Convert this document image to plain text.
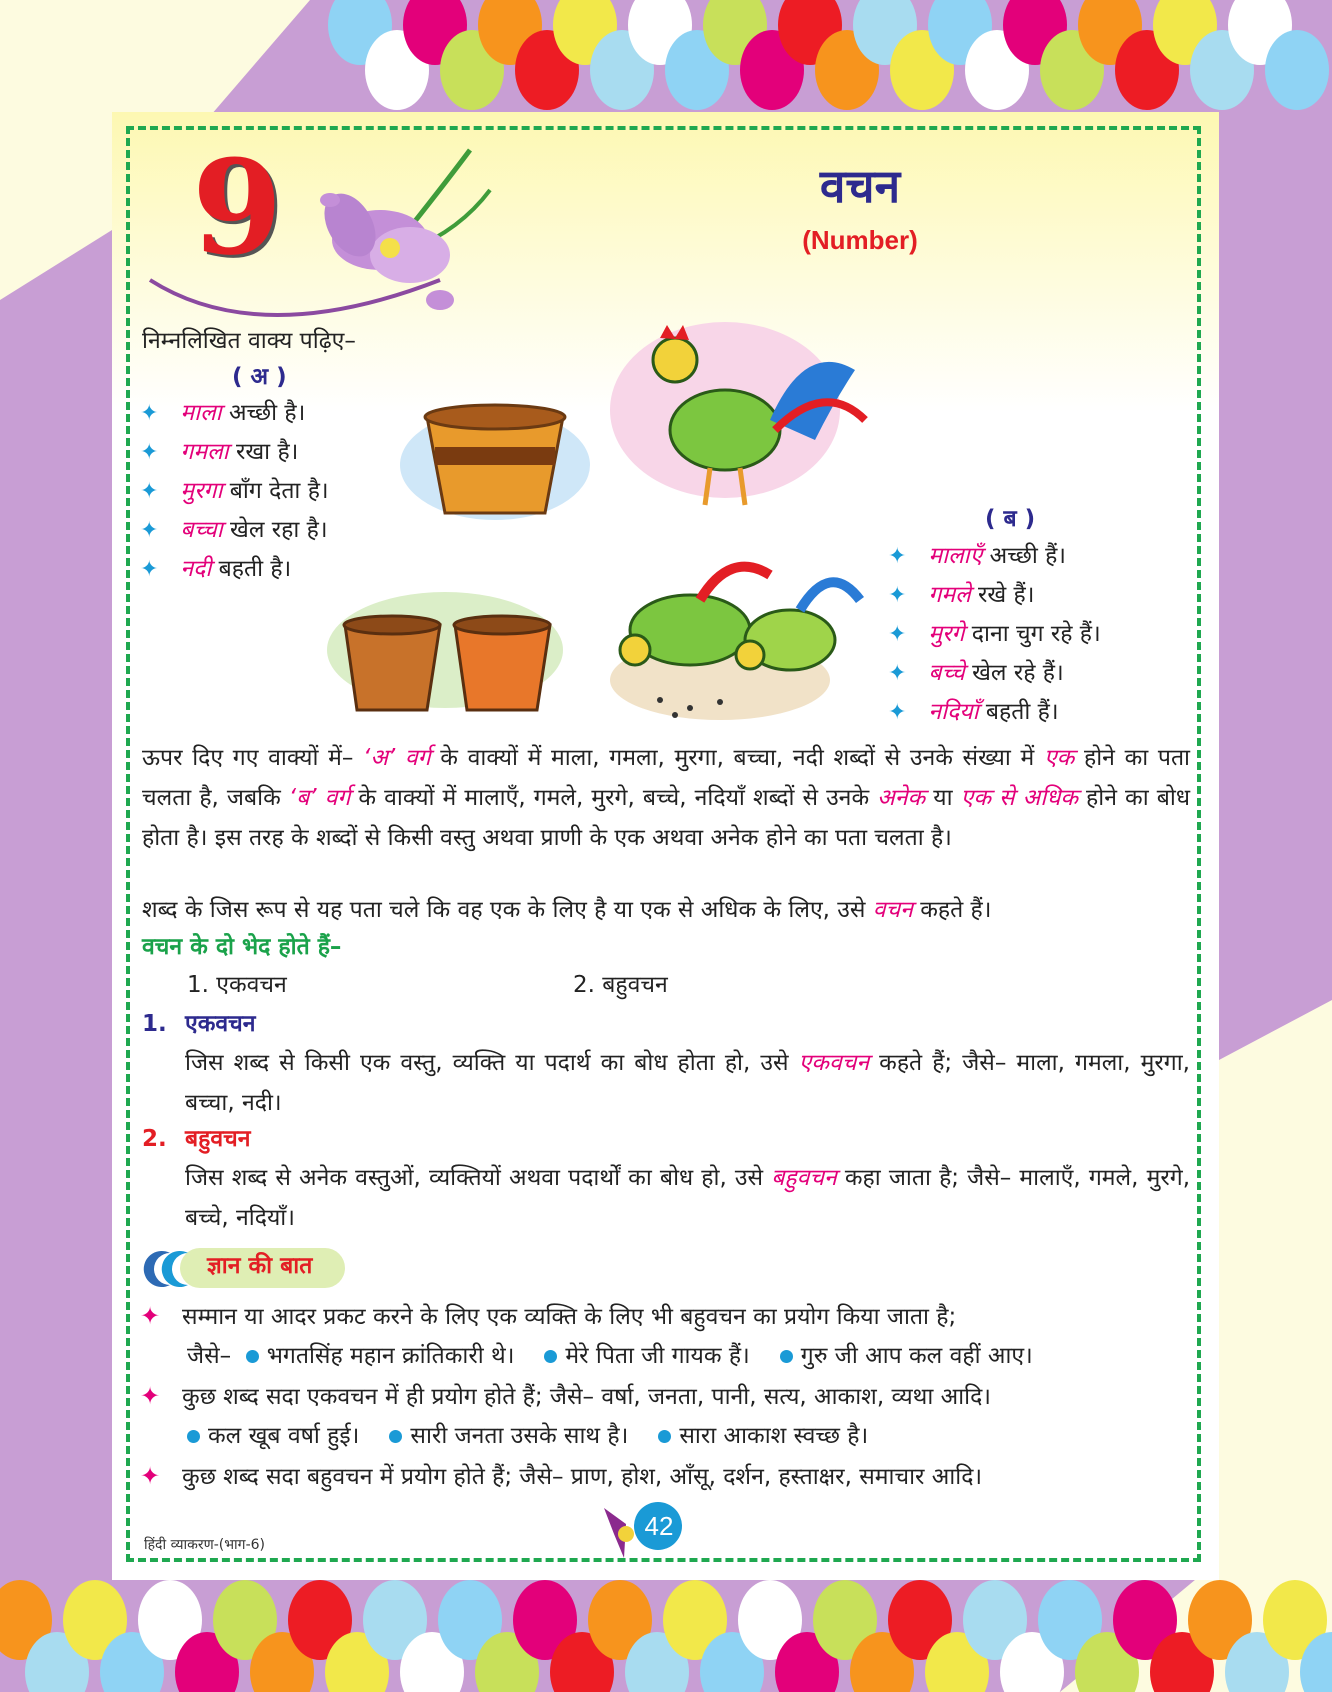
9	वचन
(Number)
निम्नलिखित वाक्य पढ़िए–
( अ )
✦ माला अच्छी है।
✦ गमला रखा है।
✦ मुरगा बाँग देता है।
✦ बच्चा खेल रहा है।
✦ नदी बहती है।
( ब )
✦ मालाएँ अच्छी हैं।
✦ गमले रखे हैं।
✦ मुरगे दाना चुग रहे हैं।
✦ बच्चे खेल रहे हैं।
✦ नदियाँ बहती हैं।
ऊपर दिए गए वाक्यों में– ‘अ’ वर्ग के वाक्यों में माला, गमला, मुरगा, बच्चा, नदी शब्दों से उनके संख्या में एक होने का पता चलता है, जबकि ‘ब’ वर्ग के वाक्यों में मालाएँ, गमले, मुरगे, बच्चे, नदियाँ शब्दों से उनके अनेक या एक से अधिक होने का बोध होता है। इस तरह के शब्दों से किसी वस्तु अथवा प्राणी के एक अथवा अनेक होने का पता चलता है।
शब्द के जिस रूप से यह पता चले कि वह एक के लिए है या एक से अधिक के लिए, उसे वचन कहते हैं।
वचन के दो भेद होते हैं–
1. एकवचन	2. बहुवचन
1. एकवचन
जिस शब्द से किसी एक वस्तु, व्यक्ति या पदार्थ का बोध होता हो, उसे एकवचन कहते हैं; जैसे– माला, गमला, मुरगा, बच्चा, नदी।
2. बहुवचन
जिस शब्द से अनेक वस्तुओं, व्यक्तियों अथवा पदार्थों का बोध हो, उसे बहुवचन कहा जाता है; जैसे– मालाएँ, गमले, मुरगे, बच्चे, नदियाँ।
ज्ञान की बात
✦ सम्मान या आदर प्रकट करने के लिए एक व्यक्ति के लिए भी बहुवचन का प्रयोग किया जाता है;
जैसे– भगतसिंह महान क्रांतिकारी थे। मेरे पिता जी गायक हैं। गुरु जी आप कल वहीं आए।
✦ कुछ शब्द सदा एकवचन में ही प्रयोग होते हैं; जैसे– वर्षा, जनता, पानी, सत्य, आकाश, व्यथा आदि।
कल खूब वर्षा हुई। सारी जनता उसके साथ है। सारा आकाश स्वच्छ है।
✦ कुछ शब्द सदा बहुवचन में प्रयोग होते हैं; जैसे– प्राण, होश, आँसू, दर्शन, हस्ताक्षर, समाचार आदि।
हिंदी व्याकरण-(भाग-6)
42
